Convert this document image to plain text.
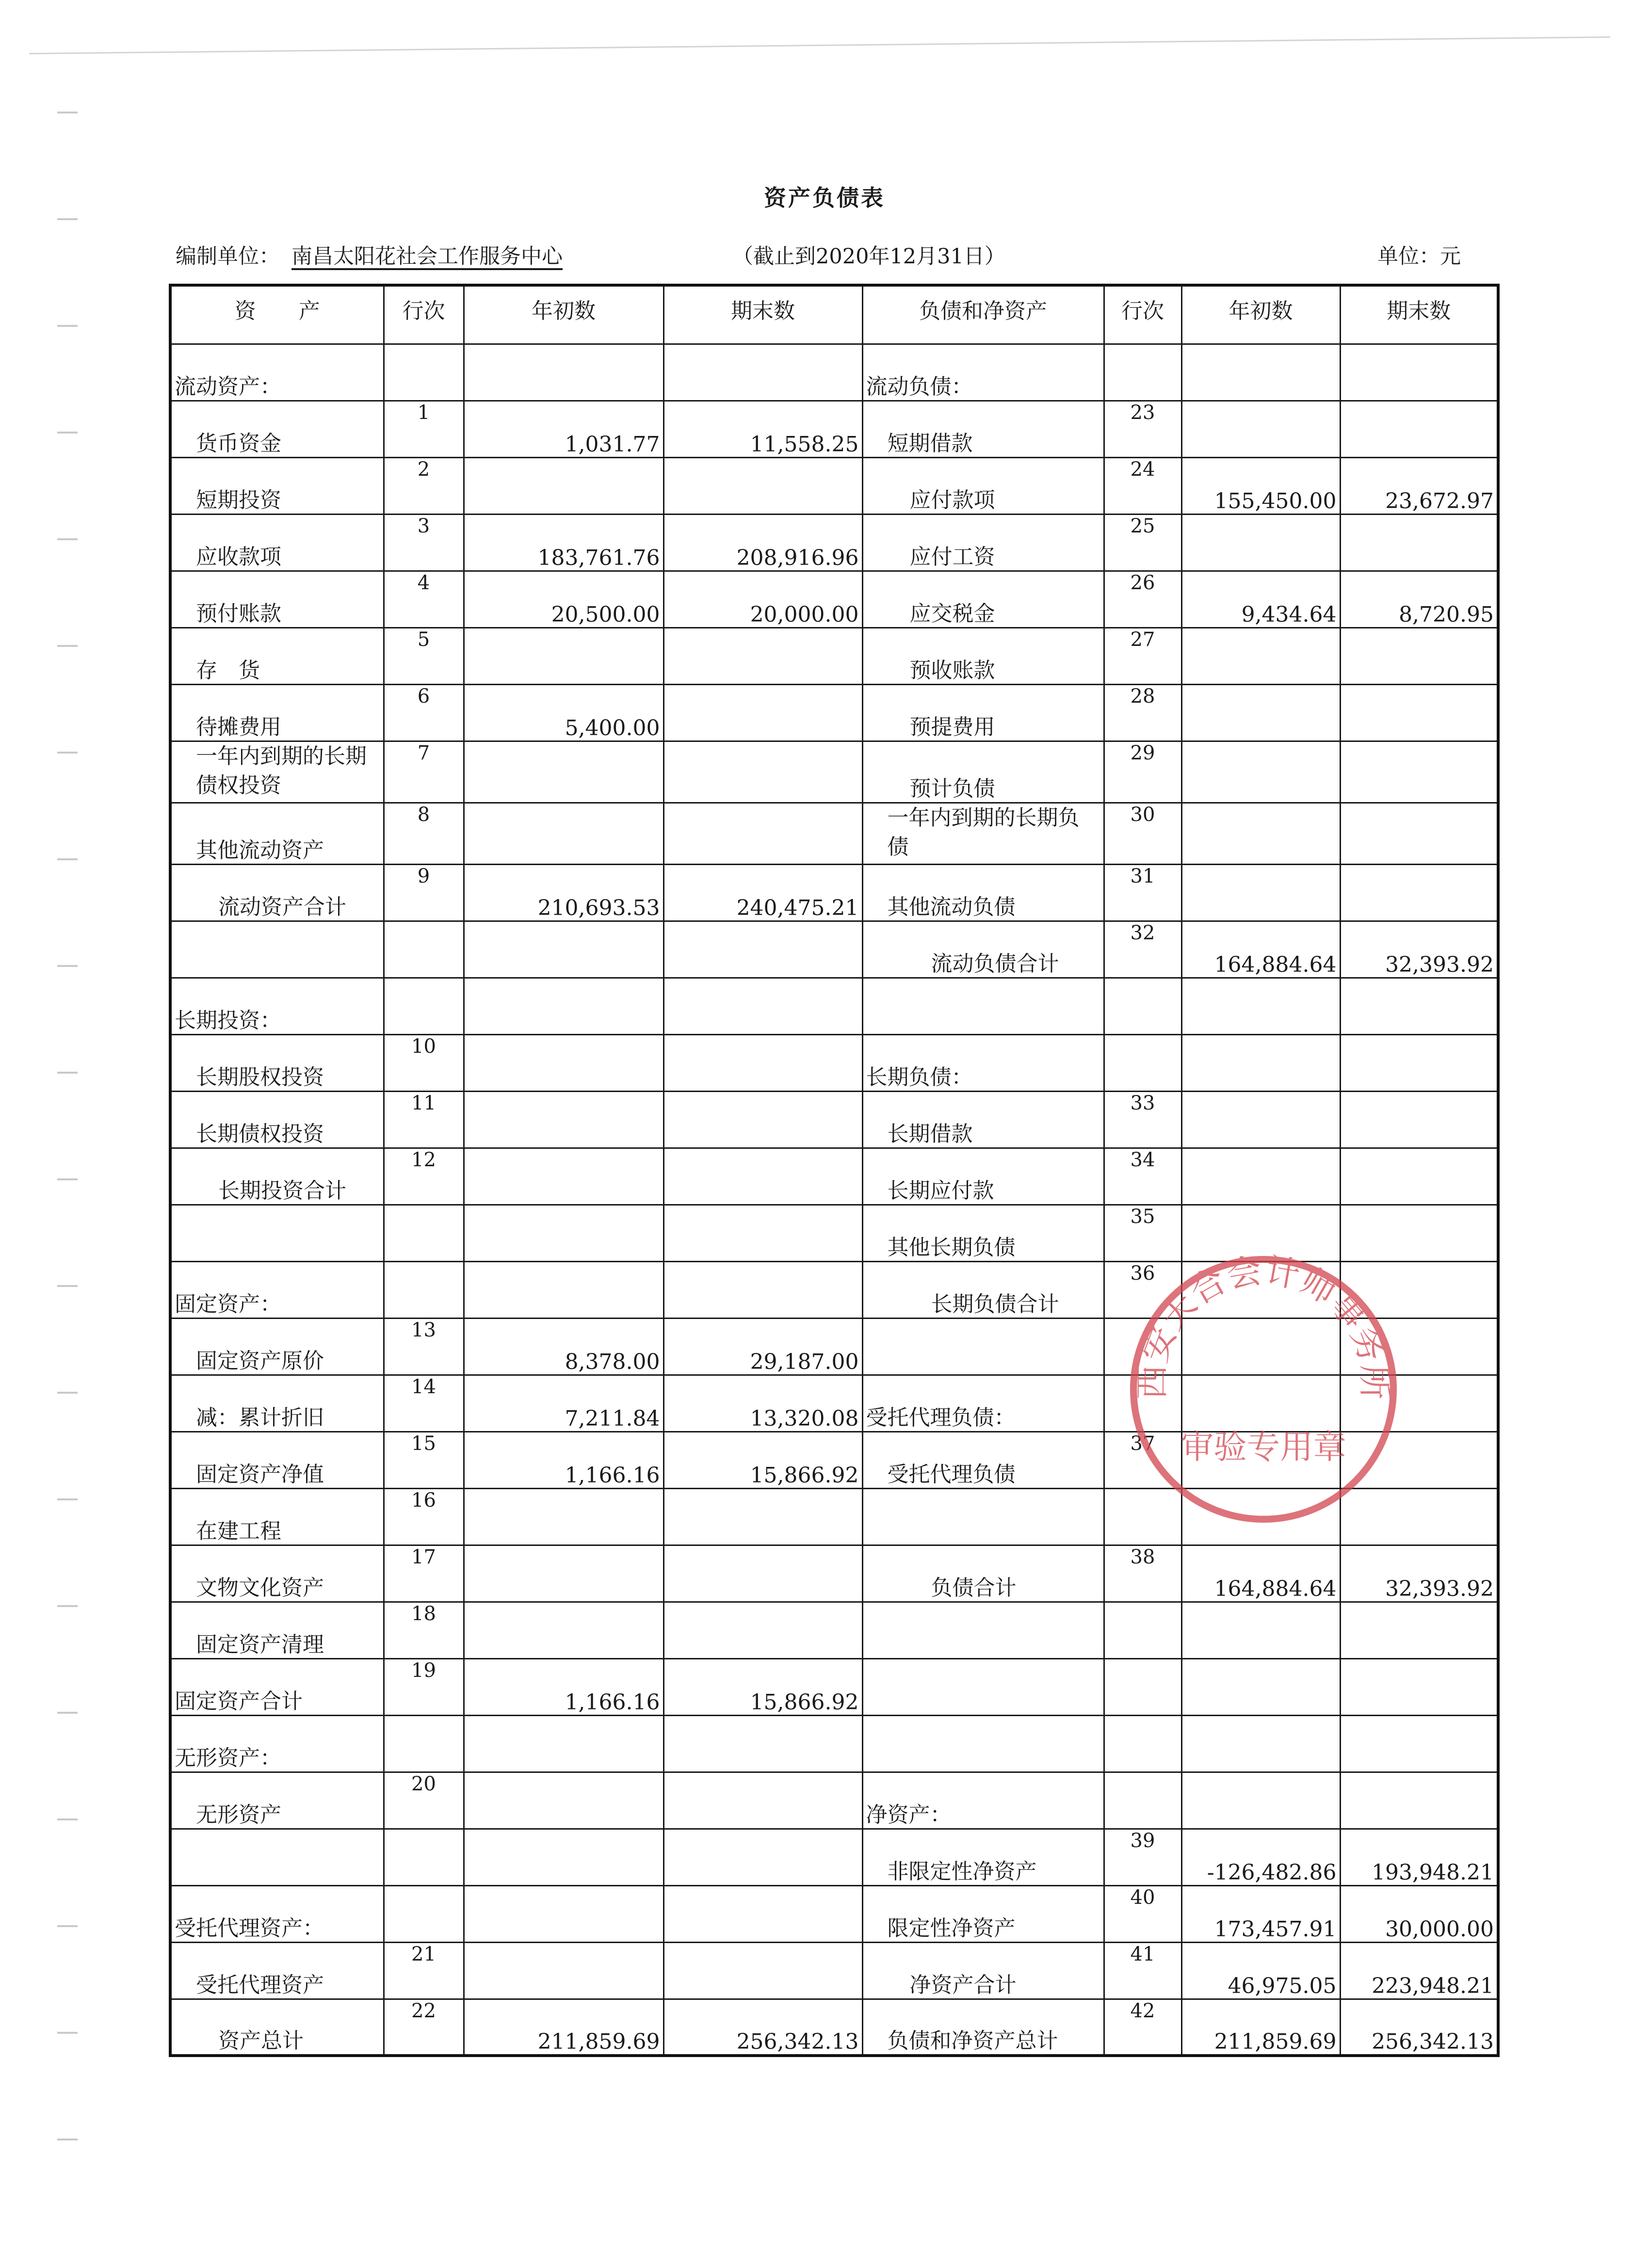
资产负债表
编制单位： 南昌太阳花社会工作服务中心	（截止到2020年12月31日）	单位：元
资　　产	行次	年初数	期末数	负债和净资产	行次	年初数	期末数
流动资产：				流动负债：			
货币资金	1	1,031.77	11,558.25	短期借款	23		
短期投资	2			应付款项	24	155,450.00	23,672.97
应收款项	3	183,761.76	208,916.96	应付工资	25		
预付账款	4	20,500.00	20,000.00	应交税金	26	9,434.64	8,720.95
存　货	5			预收账款	27		
待摊费用	6	5,400.00		预提费用	28		
一年内到期的长期债权投资	7			预计负债	29		
其他流动资产	8			一年内到期的长期负债	30		
流动资产合计	9	210,693.53	240,475.21	其他流动负债	31		
				流动负债合计	32	164,884.64	32,393.92
长期投资：							
长期股权投资	10			长期负债：			
长期债权投资	11			长期借款	33		
长期投资合计	12			长期应付款	34		
				其他长期负债	35		
固定资产：				长期负债合计	36		
固定资产原价	13	8,378.00	29,187.00				
减：累计折旧	14	7,211.84	13,320.08	受托代理负债：			
固定资产净值	15	1,166.16	15,866.92	受托代理负债	37		
在建工程	16						
文物文化资产	17			负债合计	38	164,884.64	32,393.92
固定资产清理	18						
固定资产合计	19	1,166.16	15,866.92				
无形资产：							
无形资产	20			净资产：			
				非限定性净资产	39	-126,482.86	193,948.21
受托代理资产：				限定性净资产	40	173,457.91	30,000.00
受托代理资产	21			净资产合计	41	46,975.05	223,948.21
资产总计	22	211,859.69	256,342.13	负债和净资产总计	42	211,859.69	256,342.13
西安天合会计师事务所
审验专用章
